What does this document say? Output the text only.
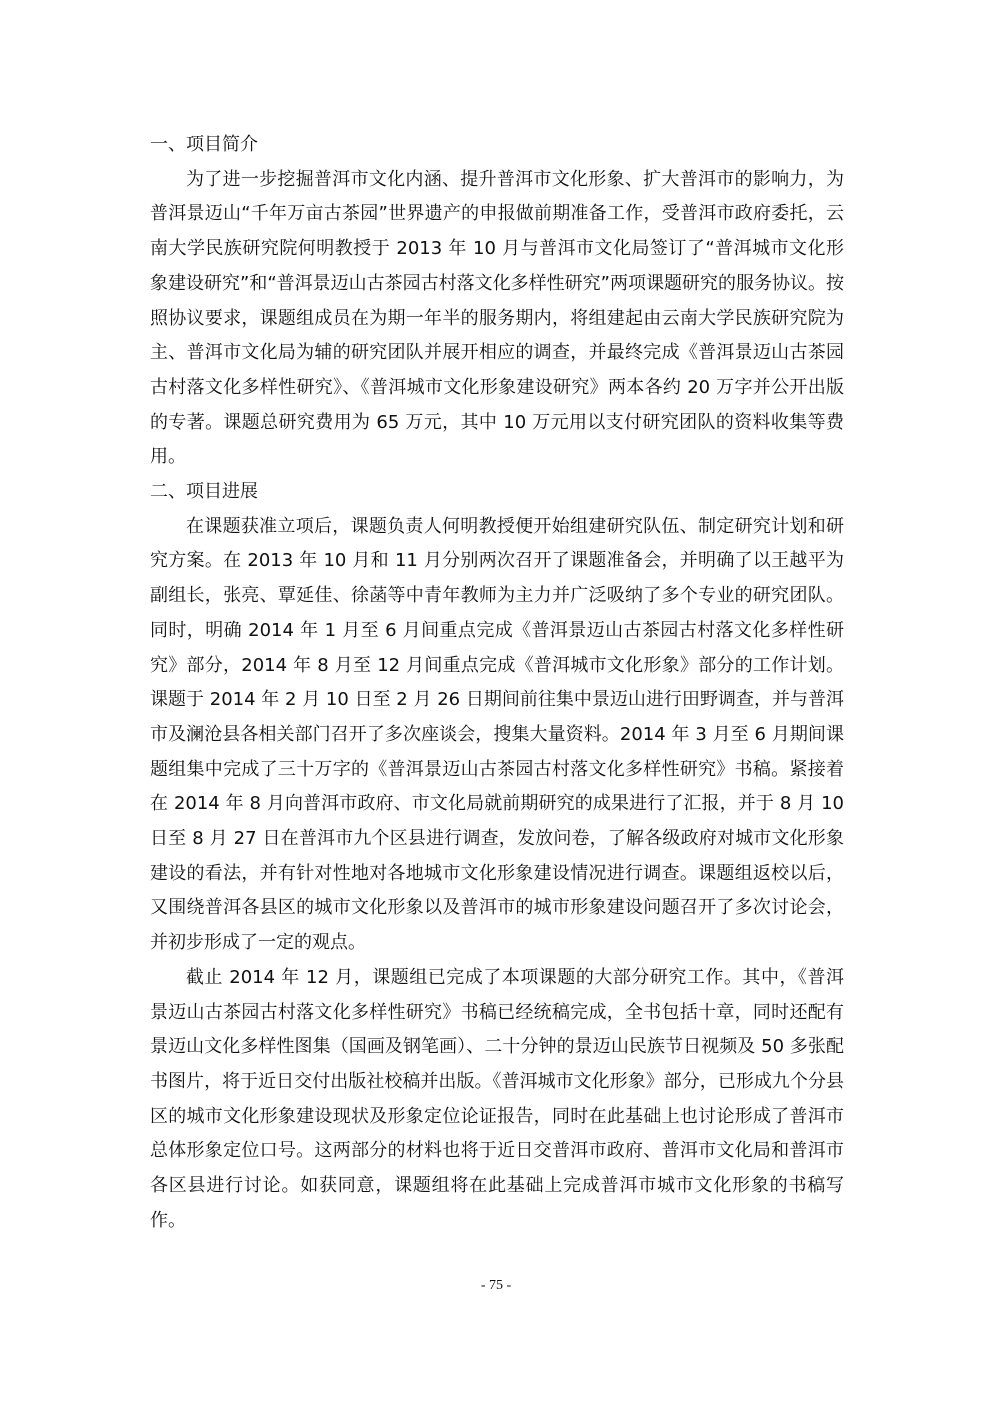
一、项目简介

为了进一步挖掘普洱市文化内涵、提升普洱市文化形象、扩大普洱市的影响力，为普洱景迈山“千年万亩古茶园”世界遗产的申报做前期准备工作，受普洱市政府委托，云南大学民族研究院何明教授于 2013 年 10 月与普洱市文化局签订了“普洱城市文化形象建设研究”和“普洱景迈山古茶园古村落文化多样性研究”两项课题研究的服务协议。按照协议要求，课题组成员在为期一年半的服务期内，将组建起由云南大学民族研究院为主、普洱市文化局为辅的研究团队并展开相应的调查，并最终完成《普洱景迈山古茶园古村落文化多样性研究》、《普洱城市文化形象建设研究》两本各约 20 万字并公开出版的专著。课题总研究费用为 65 万元，其中 10 万元用以支付研究团队的资料收集等费用。

二、项目进展

在课题获准立项后，课题负责人何明教授便开始组建研究队伍、制定研究计划和研究方案。在 2013 年 10 月和 11 月分别两次召开了课题准备会，并明确了以王越平为副组长，张亮、覃延佳、徐菡等中青年教师为主力并广泛吸纳了多个专业的研究团队。同时，明确 2014 年 1 月至 6 月间重点完成《普洱景迈山古茶园古村落文化多样性研究》部分，2014 年 8 月至 12 月间重点完成《普洱城市文化形象》部分的工作计划。课题于 2014 年 2 月 10 日至 2 月 26 日期间前往集中景迈山进行田野调查，并与普洱市及澜沧县各相关部门召开了多次座谈会，搜集大量资料。2014 年 3 月至 6 月期间课题组集中完成了三十万字的《普洱景迈山古茶园古村落文化多样性研究》书稿。紧接着在 2014 年 8 月向普洱市政府、市文化局就前期研究的成果进行了汇报，并于 8 月 10 日至 8 月 27 日在普洱市九个区县进行调查，发放问卷，了解各级政府对城市文化形象建设的看法，并有针对性地对各地城市文化形象建设情况进行调查。课题组返校以后，又围绕普洱各县区的城市文化形象以及普洱市的城市形象建设问题召开了多次讨论会，并初步形成了一定的观点。

截止 2014 年 12 月，课题组已完成了本项课题的大部分研究工作。其中，《普洱景迈山古茶园古村落文化多样性研究》书稿已经统稿完成，全书包括十章，同时还配有景迈山文化多样性图集（国画及钢笔画）、二十分钟的景迈山民族节日视频及 50 多张配书图片，将于近日交付出版社校稿并出版。《普洱城市文化形象》部分，已形成九个分县区的城市文化形象建设现状及形象定位论证报告，同时在此基础上也讨论形成了普洱市总体形象定位口号。这两部分的材料也将于近日交普洱市政府、普洱市文化局和普洱市各区县进行讨论。如获同意，课题组将在此基础上完成普洱市城市文化形象的书稿写作。

- 75 -
